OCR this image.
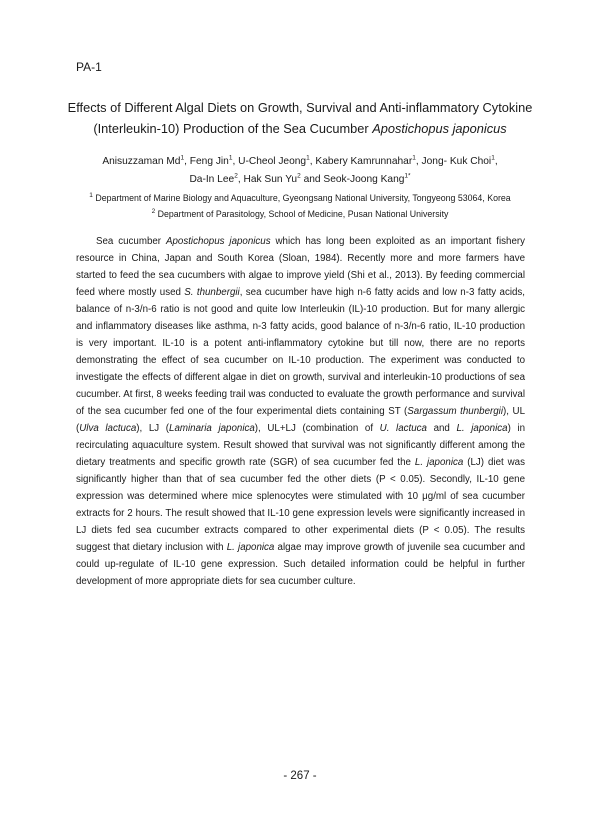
PA-1
Effects of Different Algal Diets on Growth, Survival and Anti-inflammatory Cytokine
(Interleukin-10) Production of the Sea Cucumber Apostichopus japonicus
Anisuzzaman Md$^1$, Feng Jin$^1$, U-Cheol Jeong$^1$, Kabery Kamrunnahar$^1$, Jong- Kuk Choi$^1$,
Da-In Lee$^2$, Hak Sun Yu$^2$ and Seok-Joong Kang$^{1*}$
$^1$ Department of Marine Biology and Aquaculture, Gyeongsang National University, Tongyeong 53064, Korea
$^2$ Department of Parasitology, School of Medicine, Pusan National University

Sea cucumber Apostichopus japonicus which has long been exploited as an important fishery resource in China, Japan and South Korea (Sloan, 1984). Recently more and more farmers have started to feed the sea cucumbers with algae to improve yield (Shi et al., 2013). By feeding commercial feed where mostly used S. thunbergii, sea cucumber have high n-6 fatty acids and low n-3 fatty acids, balance of n-3/n-6 ratio is not good and quite low Interleukin (IL)-10 production. But for many allergic and inflammatory diseases like asthma, n-3 fatty acids, good balance of n-3/n-6 ratio, IL-10 production is very important. IL-10 is a potent anti-inflammatory cytokine but till now, there are no reports demonstrating the effect of sea cucumber on IL-10 production. The experiment was conducted to investigate the effects of different algae in diet on growth, survival and interleukin-10 productions of sea cucumber. At first, 8 weeks feeding trail was conducted to evaluate the growth performance and survival of the sea cucumber fed one of the four experimental diets containing ST (Sargassum thunbergii), UL (Ulva lactuca), LJ (Laminaria japonica), UL+LJ (combination of U. lactuca and L. japonica) in recirculating aquaculture system. Result showed that survival was not significantly different among the dietary treatments and specific growth rate (SGR) of sea cucumber fed the L. japonica (LJ) diet was significantly higher than that of sea cucumber fed the other diets (P < 0.05). Secondly, IL-10 gene expression was determined where mice splenocytes were stimulated with 10 μg/ml of sea cucumber extracts for 2 hours. The result showed that IL-10 gene expression levels were significantly increased in LJ diets fed sea cucumber extracts compared to other experimental diets (P < 0.05). The results suggest that dietary inclusion with L. japonica algae may improve growth of juvenile sea cucumber and could up-regulate of IL-10 gene expression. Such detailed information could be helpful in further development of more appropriate diets for sea cucumber culture.

- 267 -
